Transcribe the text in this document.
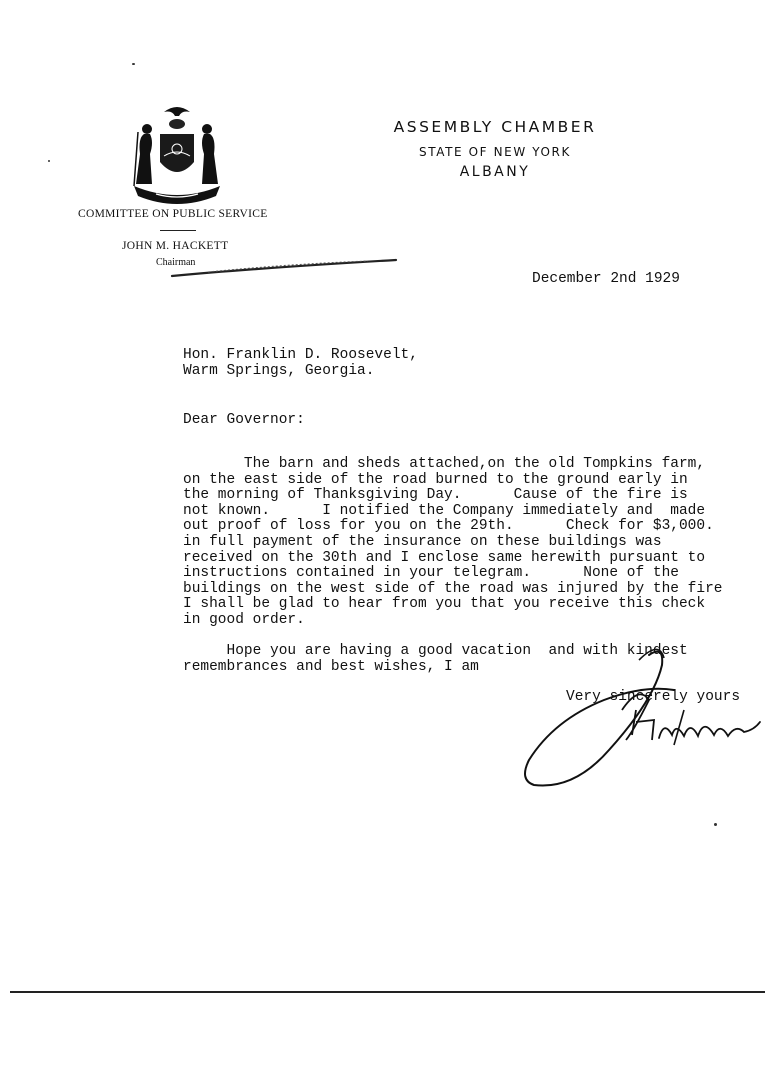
COMMITTEE ON PUBLIC SERVICE
JOHN M. HACKETT
Chairman
ASSEMBLY CHAMBER
STATE OF NEW YORK
ALBANY
December 2nd 1929
Hon. Franklin D. Roosevelt,
Warm Springs, Georgia.
Dear Governor:
The barn and sheds attached,on the old Tompkins farm,
on the east side of the road burned to the ground early in
the morning of Thanksgiving Day.      Cause of the fire is
not known.      I notified the Company immediately and  made
out proof of loss for you on the 29th.      Check for $3,000.
in full payment of the insurance on these buildings was
received on the 30th and I enclose same herewith pursuant to
instructions contained in your telegram.      None of the
buildings on the west side of the road was injured by the fire
I shall be glad to hear from you that you receive this check
in good order.
Hope you are having a good vacation  and with kindest
remembrances and best wishes, I am
Very sincerely yours
